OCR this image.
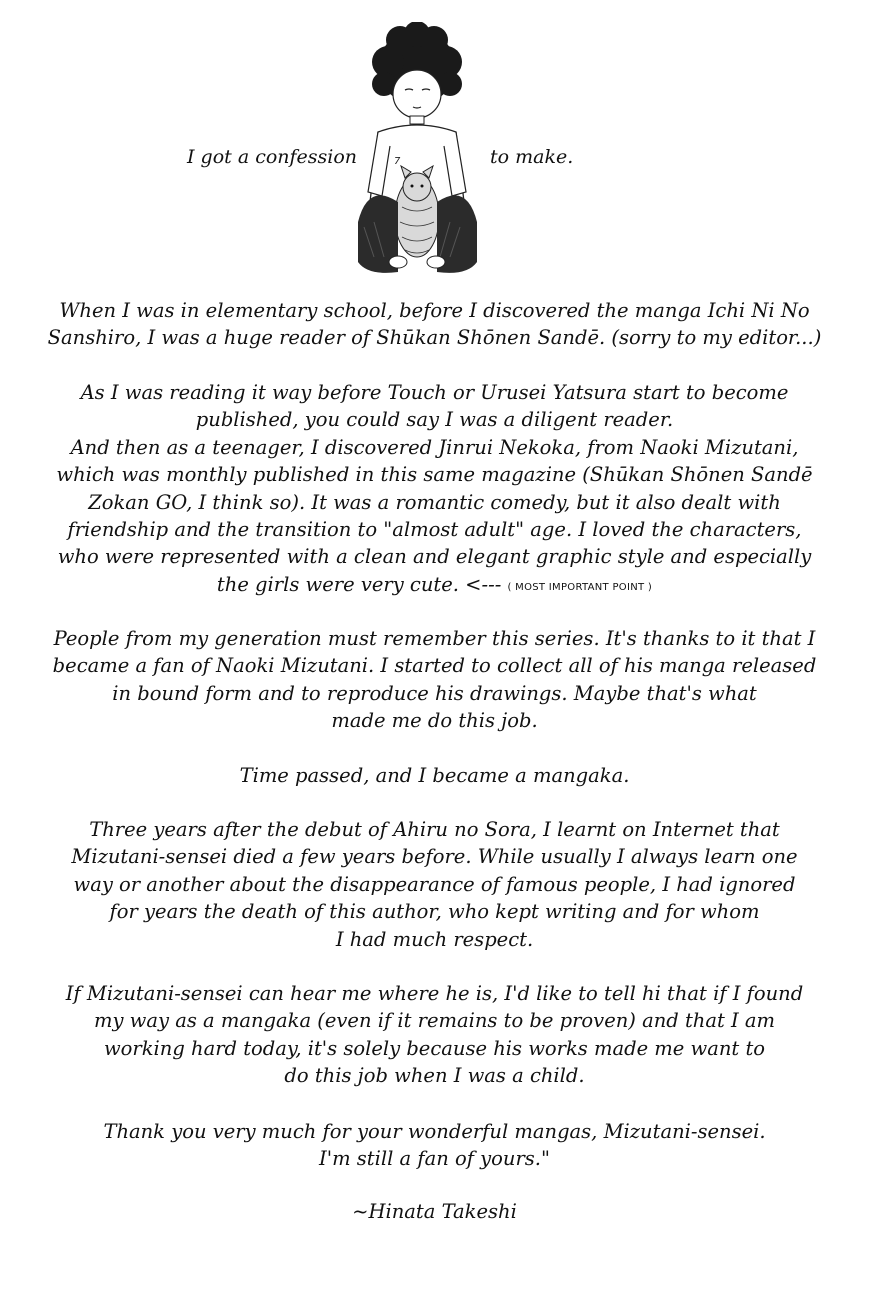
I got a confession	7	to make.
When I was in elementary school, before I discovered the manga Ichi Ni No
Sanshiro, I was a huge reader of Shūkan Shōnen Sandē. (sorry to my editor...)
As I was reading it way before Touch or Urusei Yatsura start to become
published, you could say I was a diligent reader.
And then as a teenager, I discovered Jinrui Nekoka, from Naoki Mizutani,
which was monthly published in this same magazine (Shūkan Shōnen Sandē
Zokan GO, I think so). It was a romantic comedy, but it also dealt with
friendship and the transition to "almost adult" age. I loved the characters,
who were represented with a clean and elegant graphic style and especially
the girls were very cute. <--- ( MOST IMPORTANT POINT )
People from my generation must remember this series. It's thanks to it that I
became a fan of Naoki Mizutani. I started to collect all of his manga released
in bound form and to reproduce his drawings. Maybe that's what
made me do this job.
Time passed, and I became a mangaka.
Three years after the debut of Ahiru no Sora, I learnt on Internet that
Mizutani-sensei died a few years before. While usually I always learn one
way or another about the disappearance of famous people, I had ignored
for years the death of this author, who kept writing and for whom
I had much respect.
If Mizutani-sensei can hear me where he is, I'd like to tell hi that if I found
my way as a mangaka (even if it remains to be proven) and that I am
working hard today, it's solely because his works made me want to
do this job when I was a child.
Thank you very much for your wonderful mangas, Mizutani-sensei.
I'm still a fan of yours."
~Hinata Takeshi
